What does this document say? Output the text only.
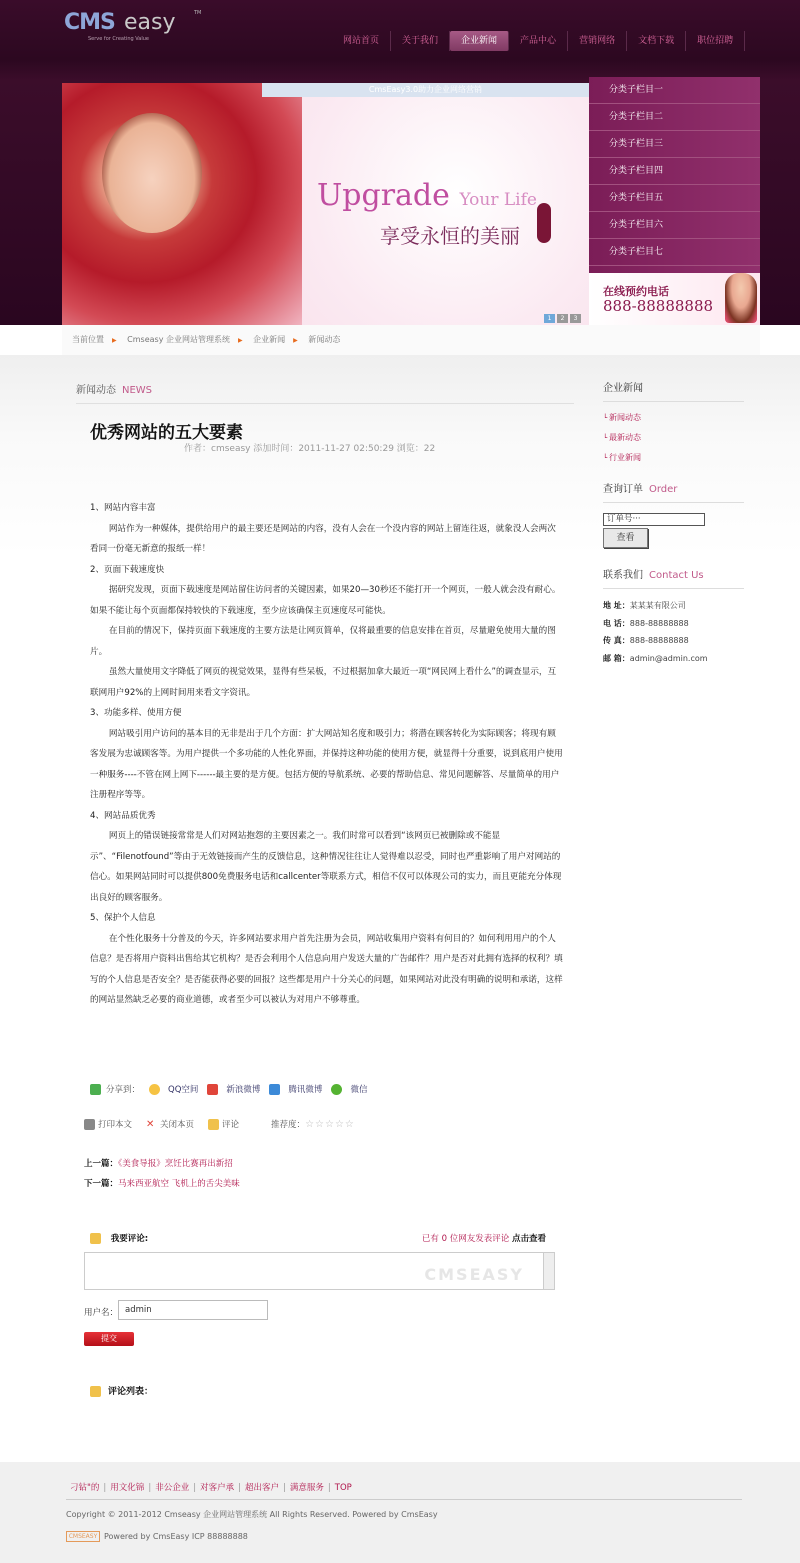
CMS easy
Serve for Creating Value
TM
网站首页	关于我们	企业新闻	产品中心	营销网络	文档下载	职位招聘
CmsEasy3.0助力企业网络营销
Upgrade Your Life
享受永恒的美丽
1	2	3
分类子栏目一
分类子栏目二
分类子栏目三
分类子栏目四
分类子栏目五
分类子栏目六
分类子栏目七
在线预约电话
888-88888888
当前位置 ▶ Cmseasy 企业网站管理系统 ▶ 企业新闻 ▶ 新闻动态
新闻动态 NEWS
优秀网站的五大要素
作者：cmseasy 添加时间：2011-11-27 02:50:29 浏览：22

1、网站内容丰富

网站作为一种媒体，提供给用户的最主要还是网站的内容，没有人会在一个没内容的网站上留连往返，就象没人会两次看同一份毫无新意的报纸一样！

2、页面下载速度快

据研究发现，页面下载速度是网站留住访问者的关键因素，如果20—30秒还不能打开一个网页，一般人就会没有耐心。如果不能让每个页面都保持较快的下载速度，至少应该确保主页速度尽可能快。

在目前的情况下，保持页面下载速度的主要方法是让网页简单，仅将最重要的信息安排在首页，尽量避免使用大量的图片。

虽然大量使用文字降低了网页的视觉效果，显得有些呆板，不过根据加拿大最近一项“网民网上看什么”的调查显示，互联网用户92%的上网时间用来看文字资讯。

3、功能多样、使用方便

网站吸引用户访问的基本目的无非是出于几个方面：扩大网站知名度和吸引力；将潜在顾客转化为实际顾客；将现有顾客发展为忠诚顾客等。为用户提供一个多功能的人性化界面，并保持这种功能的使用方便，就显得十分重要，说到底用户使用一种服务----不管在网上网下------最主要的是方便。包括方便的导航系统、必要的帮助信息、常见问题解答、尽量简单的用户注册程序等等。

4、网站品质优秀

网页上的错误链接常常是人们对网站抱怨的主要因素之一。我们时常可以看到“该网页已被删除或不能显示”、“Filenotfound”等由于无效链接而产生的反馈信息，这种情况往往让人觉得难以忍受，同时也严重影响了用户对网站的信心。如果网站同时可以提供800免费服务电话和callcenter等联系方式，相信不仅可以体现公司的实力，而且更能充分体现出良好的顾客服务。

5、保护个人信息

在个性化服务十分普及的今天，许多网站要求用户首先注册为会员，网站收集用户资料有何目的？如何利用用户的个人信息？是否将用户资料出售给其它机构？是否会利用个人信息向用户发送大量的广告邮件？用户是否对此拥有选择的权利？填写的个人信息是否安全？是否能获得必要的回报？这些都是用户十分关心的问题，如果网站对此没有明确的说明和承诺，这样的网站显然缺乏必要的商业道德，或者至少可以被认为对用户不够尊重。

分享到：	QQ空间	新浪微博	腾讯微博	微信
打印本文 ✕ 关闭本页	评论	推荐度：☆☆☆☆☆
上一篇：《美食导报》烹饪比赛再出新招
下一篇：马来西亚航空 飞机上的舌尖美味
我要评论:	已有 0 位网友发表评论 点击查看
CMSEASY
用户名： admin
提交
评论列表：
企业新闻
└ 新闻动态
└ 最新动态
└ 行业新闻
查询订单 Order
订单号···
查看
联系我们 Contact Us
地 址：某某某有限公司
电 话：888-88888888
传 真：888-88888888
邮 箱：admin@admin.com
刁钻"的 | 用文化锦 | 非公企业 | 对客户承 | 超出客户 | 满意服务 | TOP
Copyright © 2011-2012 Cmseasy 企业网站管理系统 All Rights Reserved. Powered by CmsEasy
CMSEASY Powered by CmsEasy ICP 88888888
